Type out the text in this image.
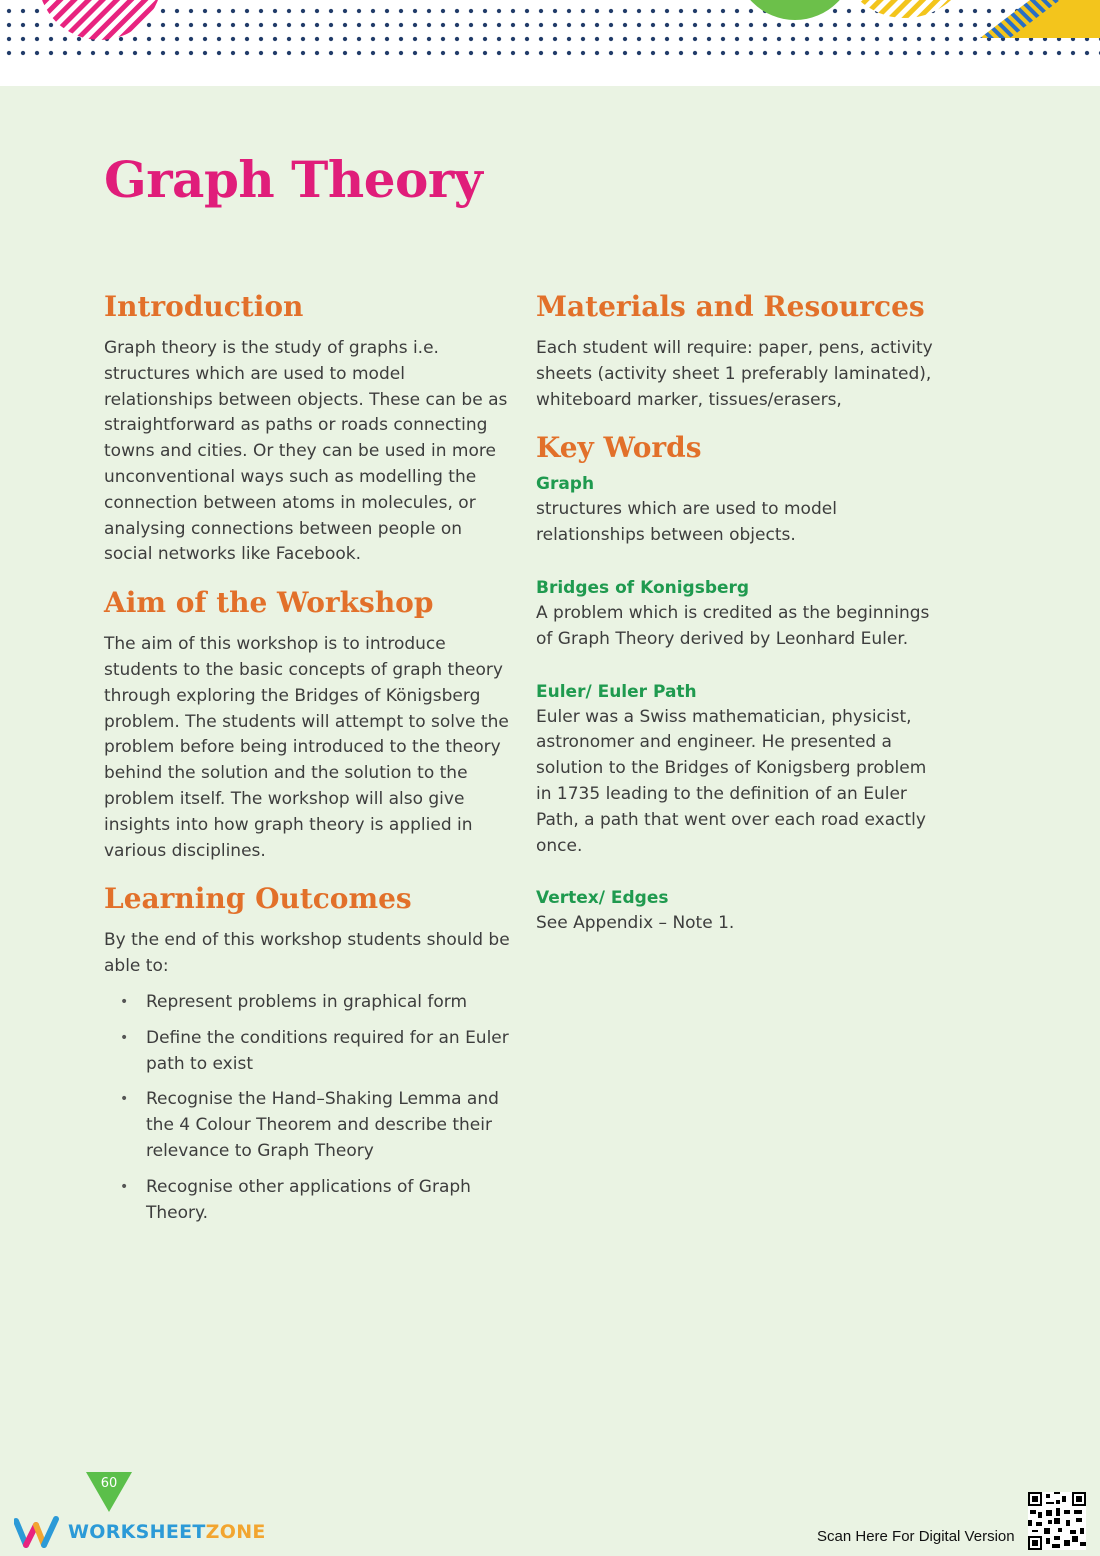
Graph Theory
Introduction

Graph theory is the study of graphs i.e. structures which are used to model relationships between objects. These can be as straightforward as paths or roads connecting towns and cities. Or they can be used in more unconventional ways such as modelling the connection between atoms in molecules, or analysing connections between people on social networks like Facebook.

Aim of the Workshop

The aim of this workshop is to introduce students to the basic concepts of graph theory through exploring the Bridges of Königsberg problem. The students will attempt to solve the problem before being introduced to the theory behind the solution and the solution to the problem itself. The workshop will also give insights into how graph theory is applied in various disciplines.

Learning Outcomes

By the end of this workshop students should be able to:

• Represent problems in graphical form
• Define the conditions required for an Euler path to exist
• Recognise the Hand–Shaking Lemma and the 4 Colour Theorem and describe their relevance to Graph Theory
• Recognise other applications of Graph Theory.
Materials and Resources

Each student will require: paper, pens, activity sheets (activity sheet 1 preferably laminated), whiteboard marker, tissues/erasers,

Key Words

Graph

structures which are used to model relationships between objects.

Bridges of Konigsberg

A problem which is credited as the beginnings of Graph Theory derived by Leonhard Euler.

Euler/ Euler Path

Euler was a Swiss mathematician, physicist, astronomer and engineer. He presented a solution to the Bridges of Konigsberg problem in 1735 leading to the definition of an Euler Path, a path that went over each road exactly once.

Vertex/ Edges

See Appendix – Note 1.

60
WORKSHEETZONE	Scan Here For Digital Version
